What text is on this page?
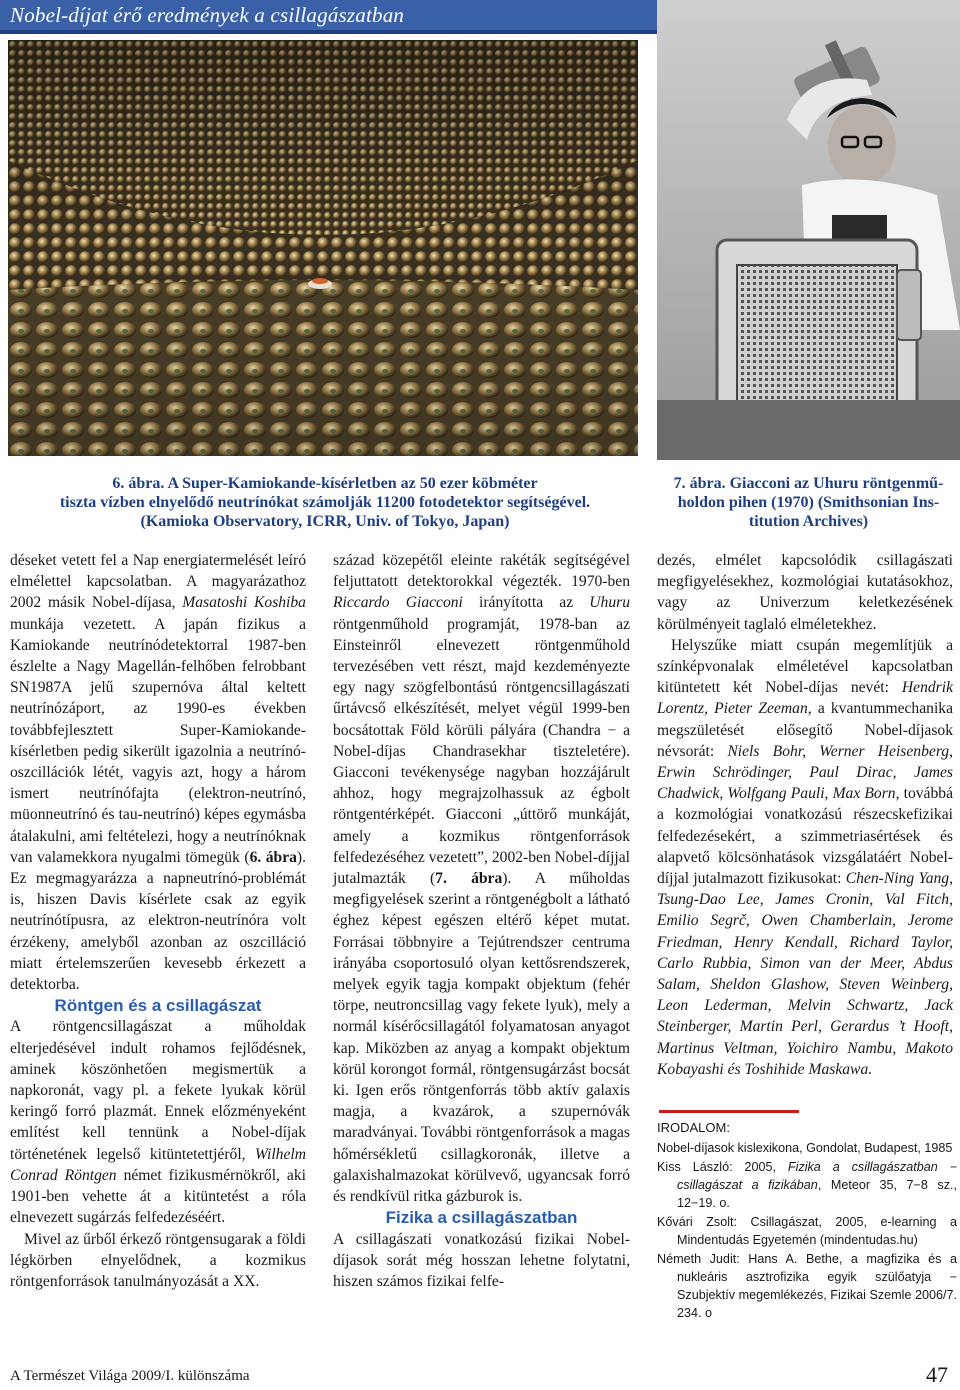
Nobel-díjat érő eredmények a csillagászatban
6. ábra. A Super-Kamiokande-kísérletben az 50 ezer köbméter
tiszta vízben elnyelődő neutrínókat számolják 11200 fotodetektor segítségével.
(Kamioka Observatory, ICRR, Univ. of Tokyo, Japan)
7. ábra. Giacconi az Uhuru röntgenmű-
holdon pihen (1970) (Smithsonian Ins-
titution Archives)

déseket vetett fel a Nap energiatermelését leíró elmélettel kapcsolatban. A magyarázathoz 2002 másik Nobel-díjasa, Masatoshi Koshiba munkája vezetett. A japán fizikus a Kamiokande neutrínódetektorral 1987-ben észlelte a Nagy Magellán-felhőben felrobbant SN1987A jelű szupernóva által keltett neutrínózáport, az 1990-es években továbbfejlesztett Super-Kamiokande-kísérletben pedig sikerült igazolnia a neutrínó-oszcillációk létét, vagyis azt, hogy a három ismert neutrínófajta (elektron-neutrínó, müonneutrínó és tau-neutrínó) képes egymásba átalakulni, ami feltételezi, hogy a neutrínóknak van valamekkora nyugalmi tömegük (6. ábra). Ez megmagyarázza a napneutrínó-problémát is, hiszen Davis kísérlete csak az egyik neutrínótípusra, az elektron-neutrínóra volt érzékeny, amelyből azonban az oszcilláció miatt értelemszerűen kevesebb érkezett a detektorba.

Röntgen és a csillagászat

A röntgencsillagászat a műholdak elterjedésével indult rohamos fejlődésnek, aminek köszönhetően megismertük a napkoronát, vagy pl. a fekete lyukak körül keringő forró plazmát. Ennek előzményeként említést kell tennünk a Nobel-díjak történetének legelső kitüntetettjéről, Wilhelm Conrad Röntgen német fizikusmérnökről, aki 1901-ben vehette át a kitüntetést a róla elnevezett sugárzás felfedezéséért.

Mivel az űrből érkező röntgensugarak a földi légkörben elnyelődnek, a kozmikus röntgenforrások tanulmányozását a XX.

század közepétől eleinte rakéták segítségével feljuttatott detektorokkal végezték. 1970-ben Riccardo Giacconi irányította az Uhuru röntgenműhold programját, 1978-ban az Einsteinről elnevezett röntgenműhold tervezésében vett részt, majd kezdeményezte egy nagy szögfelbontású röntgencsillagászati űrtávcső elkészítését, melyet végül 1999-ben bocsátottak Föld körüli pályára (Chandra − a Nobel-díjas Chandrasekhar tiszteletére). Giacconi tevékenysége nagyban hozzájárult ahhoz, hogy megrajzolhassuk az égbolt röntgentérképét. Giacconi „úttörő munkáját, amely a kozmikus röntgenforrások felfedezéséhez vezetett”, 2002-ben Nobel-díjjal jutalmazták (7. ábra). A műholdas megfigyelések szerint a röntgenégbolt a látható éghez képest egészen eltérő képet mutat. Forrásai többnyire a Tejútrendszer centruma irányába csoportosuló olyan kettősrendszerek, melyek egyik tagja kompakt objektum (fehér törpe, neutroncsillag vagy fekete lyuk), mely a normál kísérőcsillagától folyamatosan anyagot kap. Miközben az anyag a kompakt objektum körül korongot formál, röntgensugárzást bocsát ki. Igen erős röntgenforrás több aktív galaxis magja, a kvazárok, a szupernóvák maradványai. További röntgenforrások a magas hőmérsékletű csillagkoronák, illetve a galaxishalmazokat körülvevő, ugyancsak forró és rendkívül ritka gázburok is.

Fizika a csillagászatban

A csillagászati vonatkozású fizikai Nobel-díjasok sorát még hosszan lehetne folytatni, hiszen számos fizikai felfe-

dezés, elmélet kapcsolódik csillagászati megfigyelésekhez, kozmológiai kutatásokhoz, vagy az Univerzum keletkezésének körülményeit taglaló elméletekhez.

Helyszűke miatt csupán megemlítjük a színképvonalak elméletével kapcsolatban kitüntetett két Nobel-díjas nevét: Hendrik Lorentz, Pieter Zeeman, a kvantummechanika megszületését elősegítő Nobel-díjasok névsorát: Niels Bohr, Werner Heisenberg, Erwin Schrödinger, Paul Dirac, James Chadwick, Wolfgang Pauli, Max Born, továbbá a kozmológiai vonatkozású részecskefizikai felfedezésekért, a szimmetriasértések és alapvető kölcsönhatások vizsgálatáért Nobel-díjjal jutalmazott fizikusokat: Chen-Ning Yang, Tsung-Dao Lee, James Cronin, Val Fitch, Emilio Segrč, Owen Chamberlain, Jerome Friedman, Henry Kendall, Richard Taylor, Carlo Rubbia, Simon van der Meer, Abdus Salam, Sheldon Glashow, Steven Weinberg, Leon Lederman, Melvin Schwartz, Jack Steinberger, Martin Perl, Gerardus ’t Hooft, Martinus Veltman, Yoichiro Nambu, Makoto Kobayashi és Toshihide Maskawa.

IRODALOM:
Nobel-díjasok kislexikona, Gondolat, Budapest, 1985
Kiss László: 2005, Fizika a csillagászatban − csillagászat a fizikában, Meteor 35, 7−8 sz., 12−19. o.
Kővári Zsolt: Csillagászat, 2005, e-learning a Mindentudás Egyetemén (mindentudas.hu)
Németh Judit: Hans A. Bethe, a magfizika és a nukleáris asztrofizika egyik szülőatyja − Szubjektív megemlékezés, Fizikai Szemle 2006/7. 234. o
A Természet Világa 2009/I. különszáma	47
